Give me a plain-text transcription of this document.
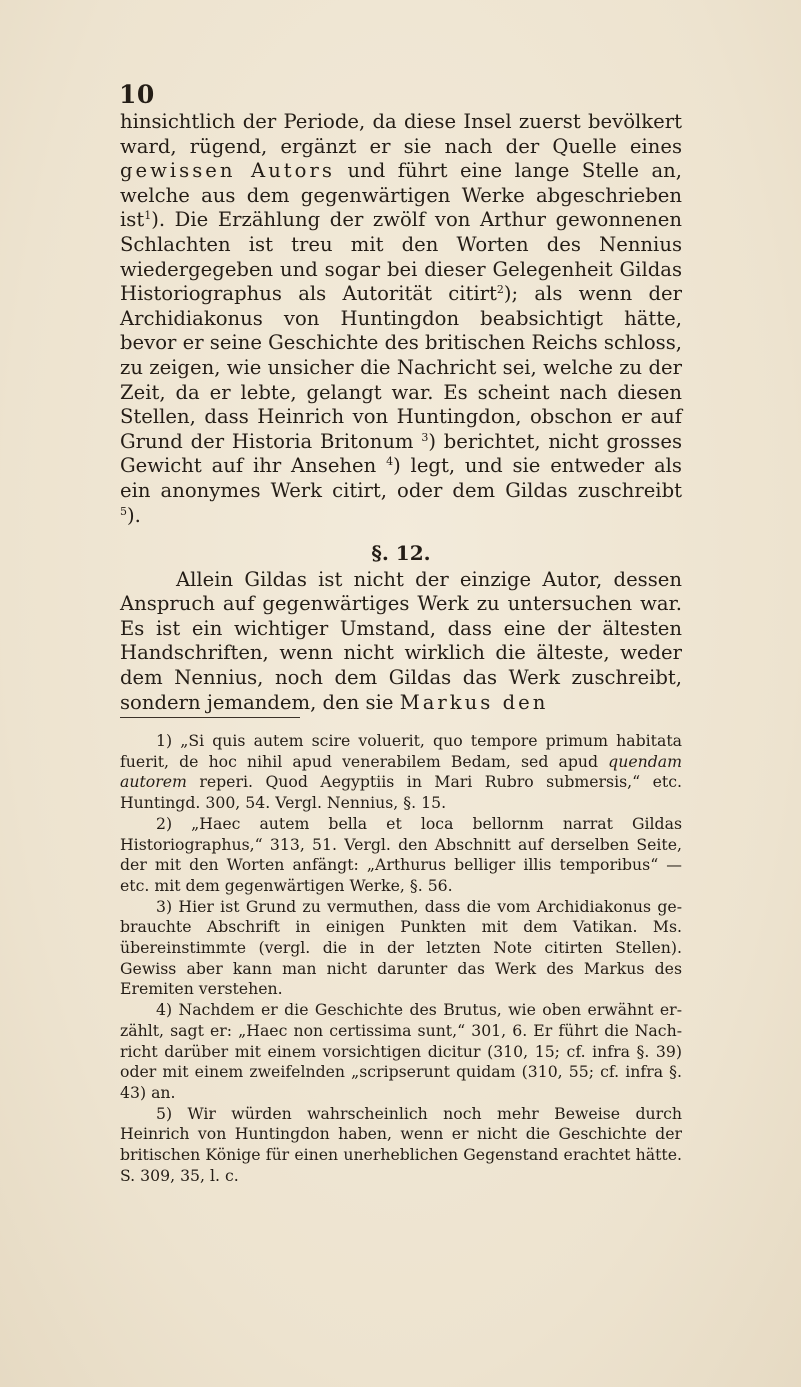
10

hinsichtlich der Periode, da diese Insel zuerst bevölkert ward, rügend, ergänzt er sie nach der Quelle eines gewissen Autors und führt eine lange Stelle an, welche aus dem gegenwärtigen Werke abgeschrieben ist$^1$). Die Erzählung der zwölf von Arthur gewonnenen Schlachten ist treu mit den Worten des Nennius wiedergegeben und sogar bei dieser Gelegenheit Gildas Historiographus als Autorität citirt$^2$); als wenn der Archidiakonus von Huntingdon beabsichtigt hätte, bevor er seine Geschichte des britischen Reichs schloss, zu zeigen, wie unsicher die Nachricht sei, welche zu der Zeit, da er lebte, gelangt war. Es scheint nach diesen Stellen, dass Heinrich von Huntingdon, obschon er auf Grund der Historia Britonum $^3$) berichtet, nicht grosses Gewicht auf ihr Ansehen $^4$) legt, und sie entweder als ein anonymes Werk citirt, oder dem Gildas zuschreibt $^5$).

§. 12.

Allein Gildas ist nicht der einzige Autor, dessen Anspruch auf gegenwärtiges Werk zu untersuchen war. Es ist ein wichtiger Umstand, dass eine der ältesten Handschriften, wenn nicht wirklich die älteste, weder dem Nennius, noch dem Gildas das Werk zuschreibt, sondern jemandem, den sie Markus den

1) „Si quis autem scire voluerit, quo tempore primum habitata fuerit, de hoc nihil apud venerabilem Bedam, sed apud quendam autorem reperi. Quod Aegyptiis in Mari Rubro submersis,“ etc. Huntingd. 300, 54. Vergl. Nennius, §. 15.

2) „Haec autem bella et loca bellornm narrat Gildas Historiographus,“ 313, 51. Vergl. den Abschnitt auf derselben Seite, der mit den Worten anfängt: „Arthurus belliger illis temporibus“ — etc. mit dem gegenwärtigen Werke, §. 56.

3) Hier ist Grund zu vermuthen, dass die vom Archidiakonus gebrauchte Abschrift in einigen Punkten mit dem Vatikan. Ms. übereinstimmte (vergl. die in der letzten Note citirten Stellen). Gewiss aber kann man nicht darunter das Werk des Markus des Eremiten verstehen.

4) Nachdem er die Geschichte des Brutus, wie oben erwähnt erzählt, sagt er: „Haec non certissima sunt,“ 301, 6. Er führt die Nachricht darüber mit einem vorsichtigen dicitur (310, 15; cf. infra §. 39) oder mit einem zweifelnden „scripserunt quidam (310, 55; cf. infra §. 43) an.

5) Wir würden wahrscheinlich noch mehr Beweise durch Heinrich von Huntingdon haben, wenn er nicht die Geschichte der britischen Könige für einen unerheblichen Gegenstand erachtet hätte. S. 309, 35, l. c.
